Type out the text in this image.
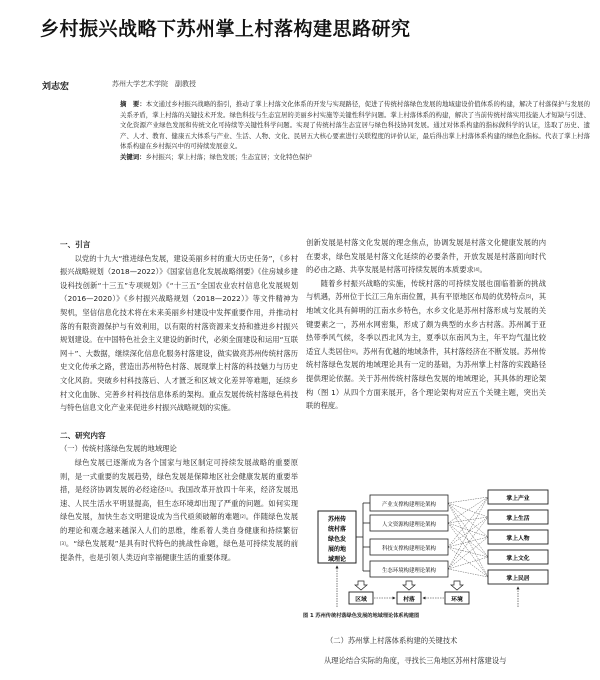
乡村振兴战略下苏州掌上村落构建思路研究
刘志宏	苏州大学艺术学院　副教授
摘　要：本文通过乡村振兴战略的指引，推动了掌上村落文化体系的开发与实现路径，促进了传统村落绿色发展的地域建设价值体系的构建，解决了村落保护与发展的关系矛盾，掌上村落的关键技术开发。绿色科技与生态宜居的美丽乡村实施等关键性科学问题。掌上村落体系的构建，解决了当前传统村落实用技能人才短缺与引进、文化资源产业绿色发展和传统文化可持续等关键性科学问题。实现了传统村落生态宜居与绿色科技协同发展。通过对体系构建的指标做科学的认证，选取了历史、遗产、人才、教育、健康五大体系与产业、生活、人物、文化、民居五大核心要素进行关联程度的评价认证，最后得出掌上村落体系构建的绿色化指标。代表了掌上村落体系构建在乡村振兴中的可持续发展意义。
关键词：乡村振兴；掌上村落；绿色发展；生态宜居；文化特色保护

一、引言

以党的十九大“推进绿色发展，建设美丽乡村的重大历史任务”，《乡村振兴战略规划（2018—2022）》《国家信息化发展战略纲要》《住房城乡建设科技创新“十三五”专项规划》《“十三五”全国农业农村信息化发展规划（2016—2020）》《乡村振兴战略规划（2018—2022）》等文件精神为契机，坚信信息化技术将在未来美丽乡村建设中发挥重要作用，并推动村落的有限资源保护与有效利用，以有限的村落资源来支持和推进乡村振兴规划建设。在中国特色社会主义建设的新时代，必须全面建设和运用“互联网＋”、大数据，继续深化信息化服务村落建设，做实做亮苏州传统村落历史文化传承之路，营造出苏州特色村落、展现掌上村落的科技魅力与历史文化风韵。突破乡村科技落后、人才匮乏和区域文化差异等难题，延续乡村文化血脉、完善乡村科技信息体系的架构。重点发展传统村落绿色科技与特色信息文化产业来促进乡村振兴战略规划的实施。

二、研究内容

（一）传统村落绿色发展的地域理论

绿色发展已逐渐成为各个国家与地区制定可持续发展战略的重要原则，是一式重要的发展趋势，绿色发展是保障地区社会健康发展的重要举措，是经济协调发展的必经途径[1]。我国改革开放四十年来，经济发展迅速、人民生活水平明显提高，但生态环境却出现了严重的问题。如何实现绿色发展，加快生态文明建设成为当代亟须破解的难题[2]。伴随绿色发展的理论和观念越来越深入人们的思维，维系着人类自身健康和持续繁衍[3]。“绿色发展观”是具有时代特色的挑战性命题，绿色是可持续发展的前提条件，也是引领人类迈向幸福健康生活的重要体现。

创新发展是村落文化发展的理念焦点，协调发展是村落文化健康发展的内在要求，绿色发展是村落文化延续的必要条件，开放发展是村落面向时代的必由之路、共享发展是村落可持续发展的本质要求[4]。

随着乡村振兴战略的实施，传统村落的可持续发展也面临着新的挑战与机遇，苏州位于长江三角东南位置，具有平原地区布局的优势特点[5]，其地域文化具有鲜明的江南水乡特色，水乡文化是苏州村落形成与发展的关键要素之一，苏州水网密集，形成了颇为典型的水乡古村落。苏州属于亚热带季风气候，冬季以西北风为主，夏季以东南风为主，年平均气温比较适宜人类居住[6]。苏州有优越的地域条件，其村落经济在不断发展。苏州传统村落绿色发展的地域理论具有一定的基础，为苏州掌上村落的实践路径提供理论依据。关于苏州传统村落绿色发展的地域理论，其具体的理论架构（图 1）从四个方面来展开，各个理论架构对应五个关键主题，突出关联的程度。

苏州传
统村落
绿色发
展的地
域理论
产业支撑构建理论架构
人文资源构建理论架构
科技支撑构建理论架构
生态环境构建理论架构
掌上产业
掌上生活
掌上人物
掌上文化
掌上民居
区域	村落	环境
图 1 苏州传统村落绿色发展的地域理论体系构建图
（二）苏州掌上村落体系构建的关键技术
从理论结合实际的角度，寻找长三角地区苏州村落建设与
